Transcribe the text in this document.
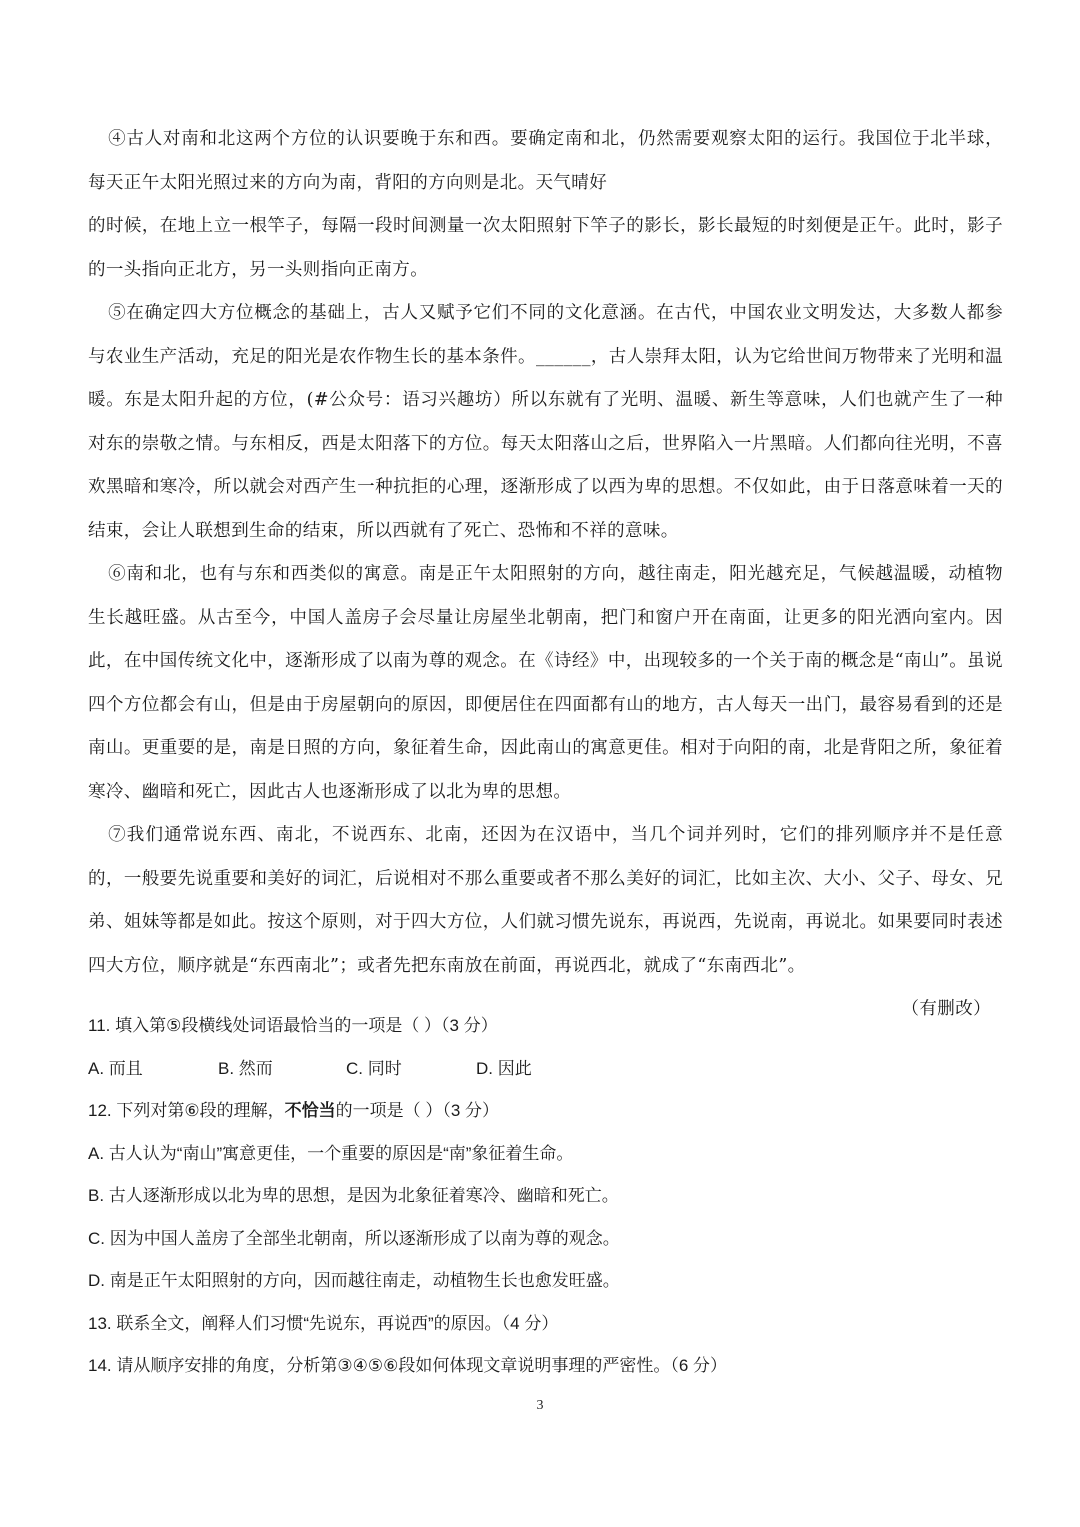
④古人对南和北这两个方位的认识要晚于东和西。要确定南和北，仍然需要观察太阳的运行。我国位于北半球，每天正午太阳光照过来的方向为南，背阳的方向则是北。天气晴好

的时候，在地上立一根竿子，每隔一段时间测量一次太阳照射下竿子的影长，影长最短的时刻便是正午。此时，影子的一头指向正北方，另一头则指向正南方。

⑤在确定四大方位概念的基础上，古人又赋予它们不同的文化意涵。在古代，中国农业文明发达，大多数人都参与农业生产活动，充足的阳光是农作物生长的基本条件。______，古人崇拜太阳，认为它给世间万物带来了光明和温暖。东是太阳升起的方位，(#公众号：语习兴趣坊）所以东就有了光明、温暖、新生等意味，人们也就产生了一种对东的崇敬之情。与东相反，西是太阳落下的方位。每天太阳落山之后，世界陷入一片黑暗。人们都向往光明，不喜欢黑暗和寒冷，所以就会对西产生一种抗拒的心理，逐渐形成了以西为卑的思想。不仅如此，由于日落意味着一天的结束，会让人联想到生命的结束，所以西就有了死亡、恐怖和不祥的意味。

⑥南和北，也有与东和西类似的寓意。南是正午太阳照射的方向，越往南走，阳光越充足，气候越温暖，动植物生长越旺盛。从古至今，中国人盖房子会尽量让房屋坐北朝南，把门和窗户开在南面，让更多的阳光洒向室内。因此，在中国传统文化中，逐渐形成了以南为尊的观念。在《诗经》中，出现较多的一个关于南的概念是“南山”。虽说四个方位都会有山，但是由于房屋朝向的原因，即便居住在四面都有山的地方，古人每天一出门，最容易看到的还是南山。更重要的是，南是日照的方向，象征着生命，因此南山的寓意更佳。相对于向阳的南，北是背阳之所，象征着寒冷、幽暗和死亡，因此古人也逐渐形成了以北为卑的思想。

⑦我们通常说东西、南北，不说西东、北南，还因为在汉语中，当几个词并列时，它们的排列顺序并不是任意的，一般要先说重要和美好的词汇，后说相对不那么重要或者不那么美好的词汇，比如主次、大小、父子、母女、兄弟、姐妹等都是如此。按这个原则，对于四大方位，人们就习惯先说东，再说西，先说南，再说北。如果要同时表述四大方位，顺序就是“东西南北”；或者先把东南放在前面，再说西北，就成了“东南西北”。

（有删改）

11. 填入第⑤段横线处词语最恰当的一项是（ ）（3 分）

A. 而且	B. 然而	C. 同时	D. 因此

12. 下列对第⑥段的理解，不恰当的一项是（ ）（3 分）

A. 古人认为“南山”寓意更佳，一个重要的原因是“南”象征着生命。

B. 古人逐渐形成以北为卑的思想，是因为北象征着寒冷、幽暗和死亡。

C. 因为中国人盖房了全部坐北朝南，所以逐渐形成了以南为尊的观念。

D. 南是正午太阳照射的方向，因而越往南走，动植物生长也愈发旺盛。

13. 联系全文，阐释人们习惯“先说东，再说西”的原因。（4 分）

14. 请从顺序安排的角度，分析第③④⑤⑥段如何体现文章说明事理的严密性。（6 分）

3
